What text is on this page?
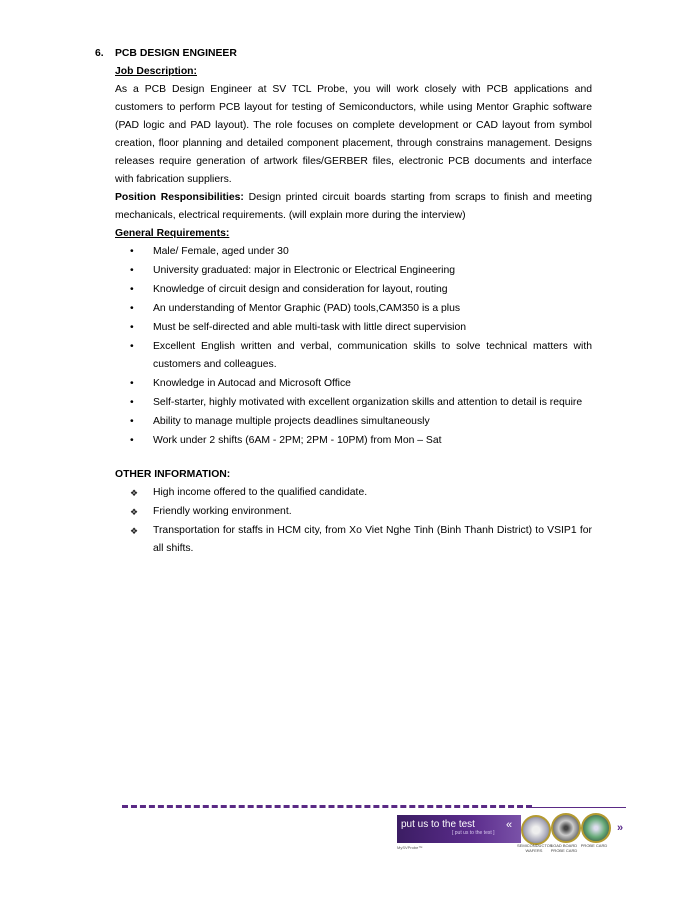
6. PCB DESIGN ENGINEER
Job Description:

As a PCB Design Engineer at SV TCL Probe, you will work closely with PCB applications and customers to perform PCB layout for testing of Semiconductors, while using Mentor Graphic software (PAD logic and PAD layout). The role focuses on complete development or CAD layout from symbol creation, floor planning and detailed component placement, through constrains management. Designs releases require generation of artwork files/GERBER files, electronic PCB documents and interface with fabrication suppliers.

Position Responsibilities: Design printed circuit boards starting from scraps to finish and meeting mechanicals, electrical requirements. (will explain more during the interview)

General Requirements:
•	Male/ Female, aged under 30
•	University graduated: major in Electronic or Electrical Engineering
•	Knowledge of circuit design and consideration for layout, routing
•	An understanding of Mentor Graphic (PAD) tools,CAM350 is a plus
•	Must be self-directed and able multi-task with little direct supervision
•	Excellent English written and verbal, communication skills to solve technical matters with customers and colleagues.
•	Knowledge in Autocad and Microsoft Office
•	Self-starter, highly motivated with excellent organization skills and attention to detail is require
•	Ability to manage multiple projects deadlines simultaneously
•	Work under 2 shifts (6AM - 2PM; 2PM - 10PM) from Mon – Sat
OTHER INFORMATION:
❖	High income offered to the qualified candidate.
❖	Friendly working environment.
❖	Transportation for staffs in HCM city, from Xo Viet Nghe Tinh (Binh Thanh District) to VSIP1 for all shifts.
put us to the test
[ put us to the test ]
«
MySVProbe™	SEMICONDUCTOR WAFERS
LOAD BOARD PROBE CARD
PROBE CARD
»
